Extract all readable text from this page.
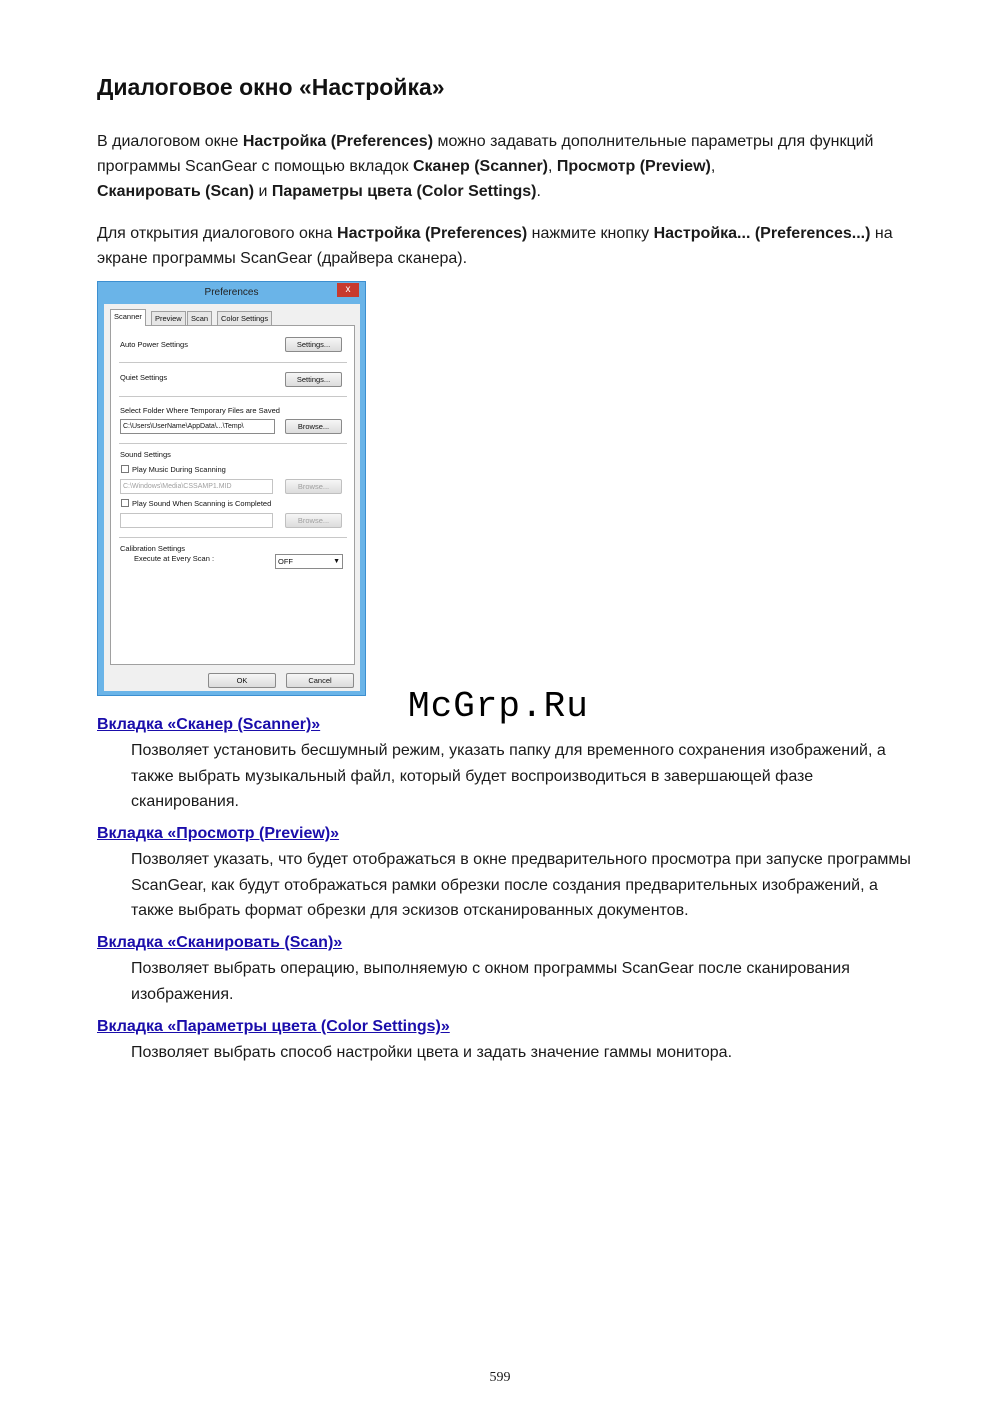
Диалоговое окно «Настройка»

В диалоговом окне Настройка (Preferences) можно задавать дополнительные параметры для функций программы ScanGear с помощью вкладок Сканер (Scanner), Просмотр (Preview),
Сканировать (Scan) и Параметры цвета (Color Settings).

Для открытия диалогового окна Настройка (Preferences) нажмите кнопку Настройка... (Preferences...) на экране программы ScanGear (драйвера сканера).

Preferences	x
Scanner	Preview	Scan	Color Settings
Auto Power Settings	Settings...
Quiet Settings	Settings...
Select Folder Where Temporary Files are Saved
C:\Users\UserName\AppData\...\Temp\	Browse...
Sound Settings
Play Music During Scanning
C:\Windows\Media\CSSAMP1.MID	Browse...
Play Sound When Scanning is Completed
Browse...
Calibration Settings
Execute at Every Scan :	OFF	▼
OK	Cancel
McGrp.Ru

Вкладка «Сканер (Scanner)»

Позволяет установить бесшумный режим, указать папку для временного сохранения изображений, а также выбрать музыкальный файл, который будет воспроизводиться в завершающей фазе сканирования.

Вкладка «Просмотр (Preview)»

Позволяет указать, что будет отображаться в окне предварительного просмотра при запуске программы ScanGear, как будут отображаться рамки обрезки после создания предварительных изображений, а также выбрать формат обрезки для эскизов отсканированных документов.

Вкладка «Сканировать (Scan)»

Позволяет выбрать операцию, выполняемую с окном программы ScanGear после сканирования изображения.

Вкладка «Параметры цвета (Color Settings)»

Позволяет выбрать способ настройки цвета и задать значение гаммы монитора.

599
